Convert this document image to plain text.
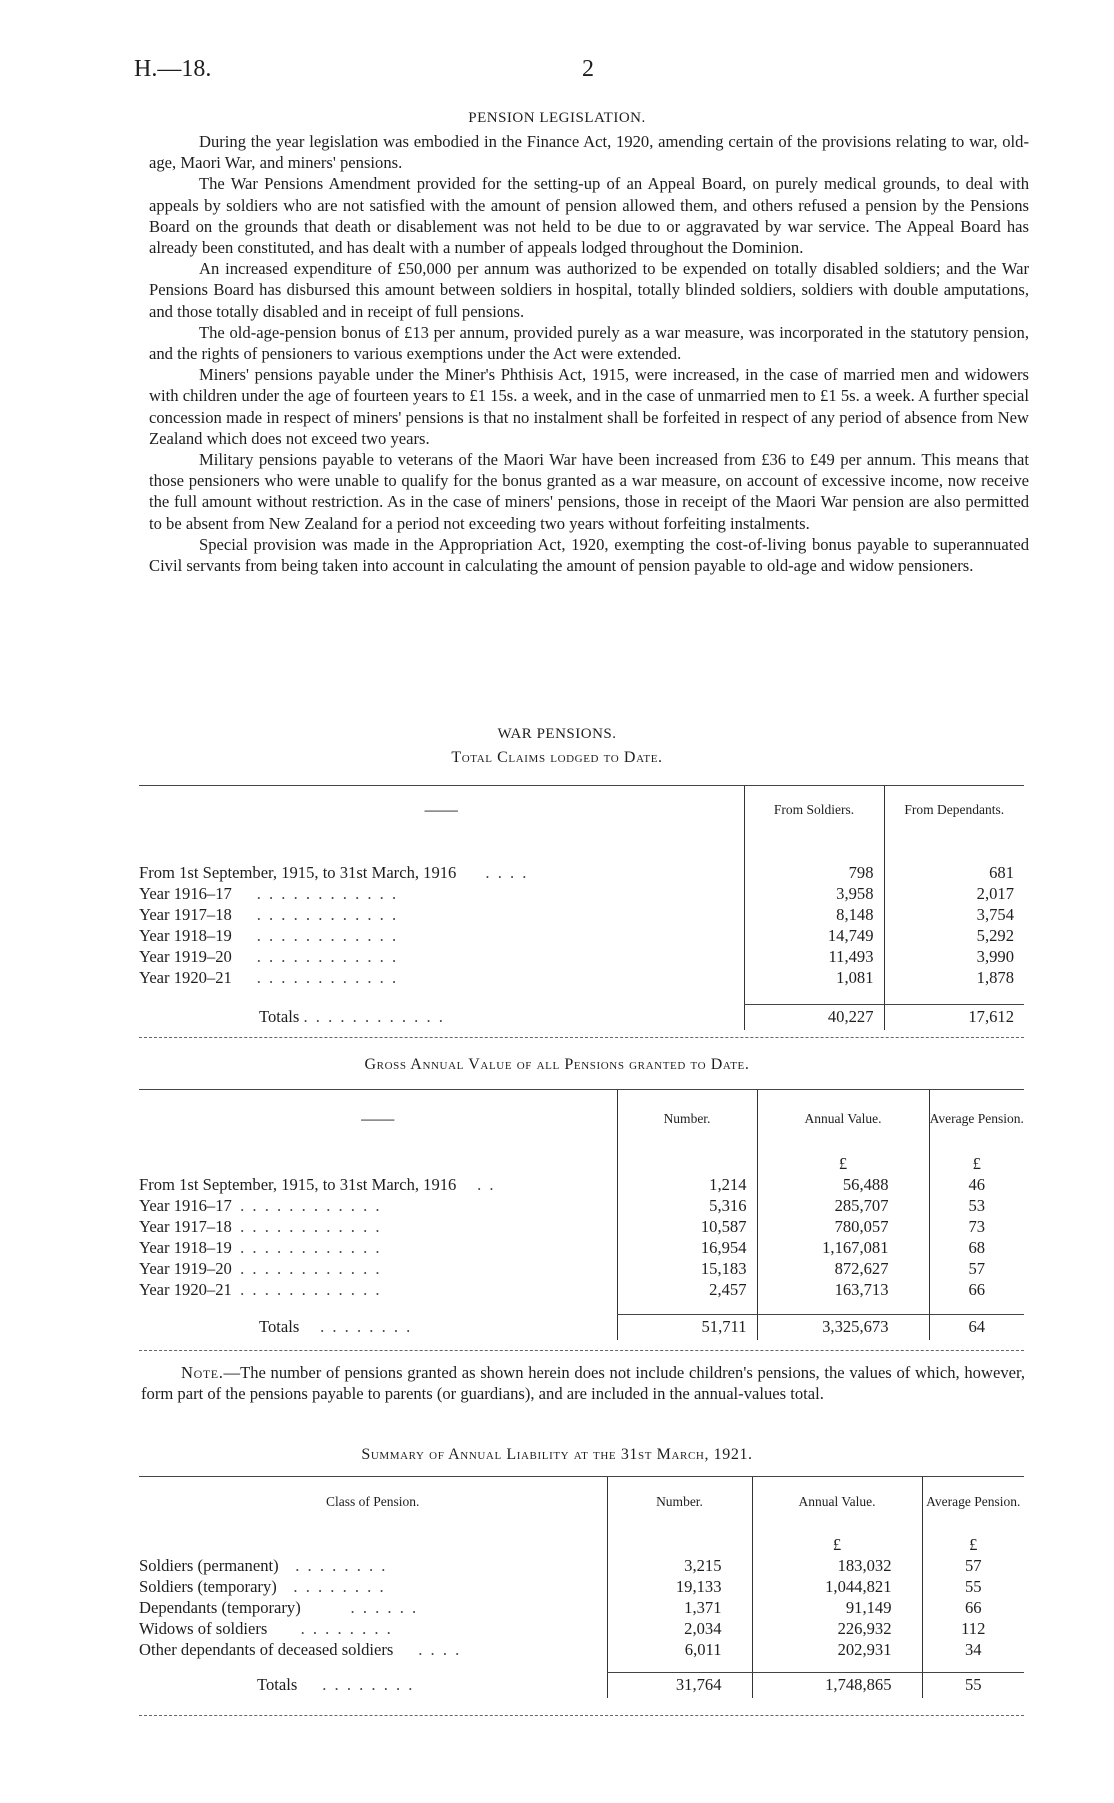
H.—18.	2
PENSION LEGISLATION.

During the year legislation was embodied in the Finance Act, 1920, amending certain of the provisions relating to war, old-age, Maori War, and miners' pensions.

The War Pensions Amendment provided for the setting-up of an Appeal Board, on purely medical grounds, to deal with appeals by soldiers who are not satisfied with the amount of pension allowed them, and others refused a pension by the Pensions Board on the grounds that death or disablement was not held to be due to or aggravated by war service. The Appeal Board has already been constituted, and has dealt with a number of appeals lodged throughout the Dominion.

An increased expenditure of £50,000 per annum was authorized to be expended on totally disabled soldiers; and the War Pensions Board has disbursed this amount between soldiers in hospital, totally blinded soldiers, soldiers with double amputations, and those totally disabled and in receipt of full pensions.

The old-age-pension bonus of £13 per annum, provided purely as a war measure, was incorporated in the statutory pension, and the rights of pensioners to various exemptions under the Act were extended.

Miners' pensions payable under the Miner's Phthisis Act, 1915, were increased, in the case of married men and widowers with children under the age of fourteen years to £1 15s. a week, and in the case of unmarried men to £1 5s. a week. A further special concession made in respect of miners' pensions is that no instalment shall be forfeited in respect of any period of absence from New Zealand which does not exceed two years.

Military pensions payable to veterans of the Maori War have been increased from £36 to £49 per annum. This means that those pensioners who were unable to qualify for the bonus granted as a war measure, on account of excessive income, now receive the full amount without restriction. As in the case of miners' pensions, those in receipt of the Maori War pension are also permitted to be absent from New Zealand for a period not exceeding two years without forfeiting instalments.

Special provision was made in the Appropriation Act, 1920, exempting the cost-of-living bonus payable to superannuated Civil servants from being taken into account in calculating the amount of pension payable to old-age and widow pensioners.

WAR PENSIONS.
Total Claims lodged to Date.
——	From Soldiers.	From Dependants.

From 1st September, 1915, to 31st March, 1916 . . . .	798	681
Year 1916–17 . . . . . . . . . . . .	3,958	2,017
Year 1917–18 . . . . . . . . . . . .	8,148	3,754
Year 1918–19 . . . . . . . . . . . .	14,749	5,292
Year 1919–20 . . . . . . . . . . . .	11,493	3,990
Year 1920–21 . . . . . . . . . . . .	1,081	1,878

Totals . . . . . . . . . . . .	40,227	17,612
Gross Annual Value of all Pensions granted to Date.
——	Number.	Annual Value.	Average Pension.
		£	£
From 1st September, 1915, to 31st March, 1916 . .	1,214	56,488	46
Year 1916–17 . . . . . . . . . . . .	5,316	285,707	53
Year 1917–18 . . . . . . . . . . . .	10,587	780,057	73
Year 1918–19 . . . . . . . . . . . .	16,954	1,167,081	68
Year 1919–20 . . . . . . . . . . . .	15,183	872,627	57
Year 1920–21 . . . . . . . . . . . .	2,457	163,713	66

Totals . . . . . . . .	51,711	3,325,673	64
Note.—The number of pensions granted as shown herein does not include children's pensions, the values of which, however, form part of the pensions payable to parents (or guardians), and are included in the annual-values total.
Summary of Annual Liability at the 31st March, 1921.
Class of Pension.	Number.	Annual Value.	Average Pension.
		£	£
Soldiers (permanent) . . . . . . . .	3,215	183,032	57
Soldiers (temporary) . . . . . . . .	19,133	1,044,821	55
Dependants (temporary) . . . . . .	1,371	91,149	66
Widows of soldiers . . . . . . . .	2,034	226,932	112
Other dependants of deceased soldiers . . . .	6,011	202,931	34

Totals . . . . . . . .	31,764	1,748,865	55
